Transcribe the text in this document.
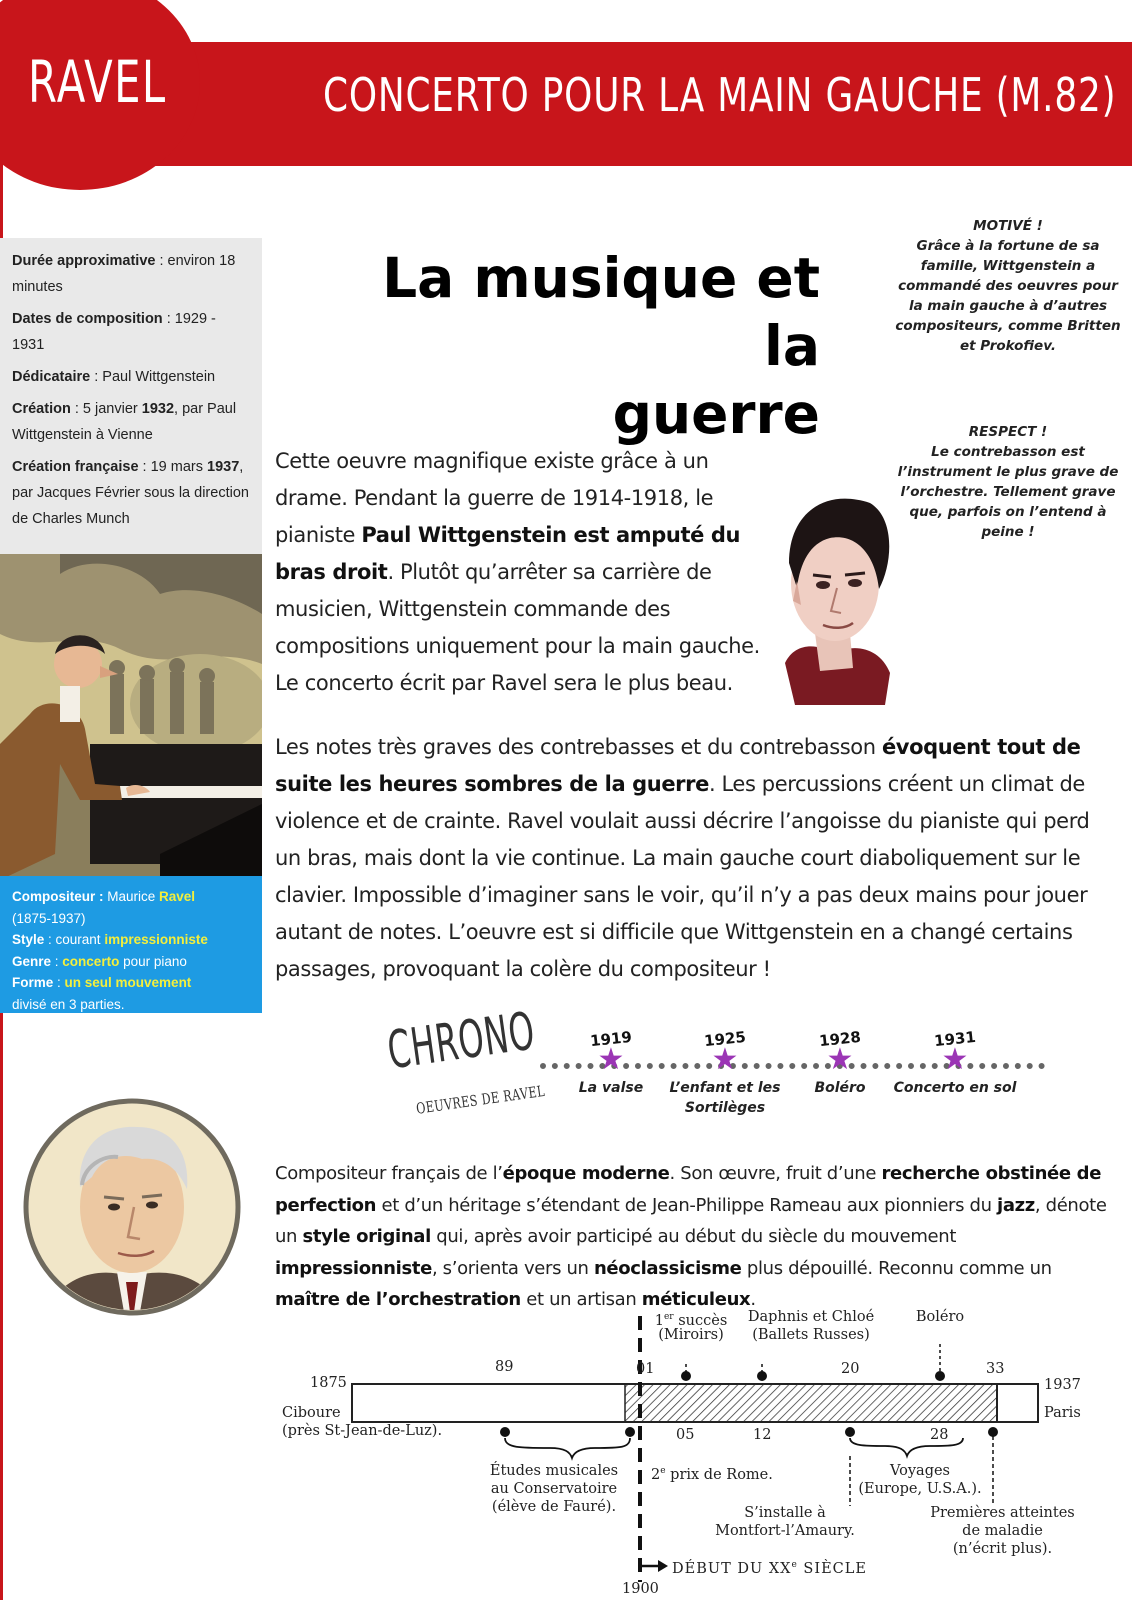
RAVEL	CONCERTO POUR LA MAIN GAUCHE (M.82)

Durée approximative : environ 18 minutes

Dates de composition : 1929 - 1931

Dédicataire : Paul Wittgenstein

Création : 5 janvier 1932, par Paul Wittgenstein à Vienne

Création française : 19 mars 1937, par Jacques Février sous la direction de Charles Munch

Compositeur : Maurice Ravel
(1875-1937)
Style : courant impressionniste
Genre : concerto pour piano
Forme : un seul mouvement
divisé en 3 parties.
La musique et la
guerre
MOTIVÉ !
Grâce à la fortune de sa famille, Wittgenstein a commandé des oeuvres pour la main gauche à d’autres compositeurs, comme Britten et Prokofiev.
RESPECT !
Le contrebasson est l’instrument le plus grave de l’orchestre. Tellement grave que, parfois on l’entend à peine !
Cette oeuvre magnifique existe grâce à un drame. Pendant la guerre de 1914-1918, le pianiste Paul Wittgenstein est amputé du bras droit. Plutôt qu’arrêter sa carrière de musicien, Wittgenstein commande des compositions uniquement pour la main gauche. Le concerto écrit par Ravel sera le plus beau.
Les notes très graves des contrebasses et du contrebasson évoquent tout de suite les heures sombres de la guerre. Les percussions créent un climat de violence et de crainte. Ravel voulait aussi décrire l’angoisse du pianiste qui perd un bras, mais dont la vie continue. La main gauche court diaboliquement sur le clavier. Impossible d’imaginer sans le voir, qu’il n’y a pas deux mains pour jouer autant de notes. L’oeuvre est si difficile que Wittgenstein en a changé certains passages, provoquant la colère du compositeur !
CHRONO
OEUVRES DE RAVEL
1919
★
La valse
1925
★
L’enfant et les Sortilèges
1928
★
Boléro
1931
★
Concerto en sol
Compositeur français de l’époque moderne. Son œuvre, fruit d’une recherche obstinée de perfection et d’un héritage s’étendant de Jean-Philippe Rameau aux pionniers du jazz, dénote un style original qui, après avoir participé au début du siècle du mouvement impressionniste, s’orienta vers un néoclassicisme plus dépouillé. Reconnu comme un maître de l’orchestration et un artisan méticuleux.
1875
Ciboure
(près St-Jean-de-Luz).
1937
Paris
89	01	20	33
05	12	28
1er succès
(Miroirs)
Daphnis et Chloé
(Ballets Russes)
Boléro
Études musicales
au Conservatoire
(élève de Fauré).
2e prix de Rome.	Voyages
(Europe, U.S.A.).
S’installe à
Montfort-l’Amaury.
Premières atteintes
de maladie
(n’écrit plus).
DÉBUT DU XXe SIÈCLE
1900
